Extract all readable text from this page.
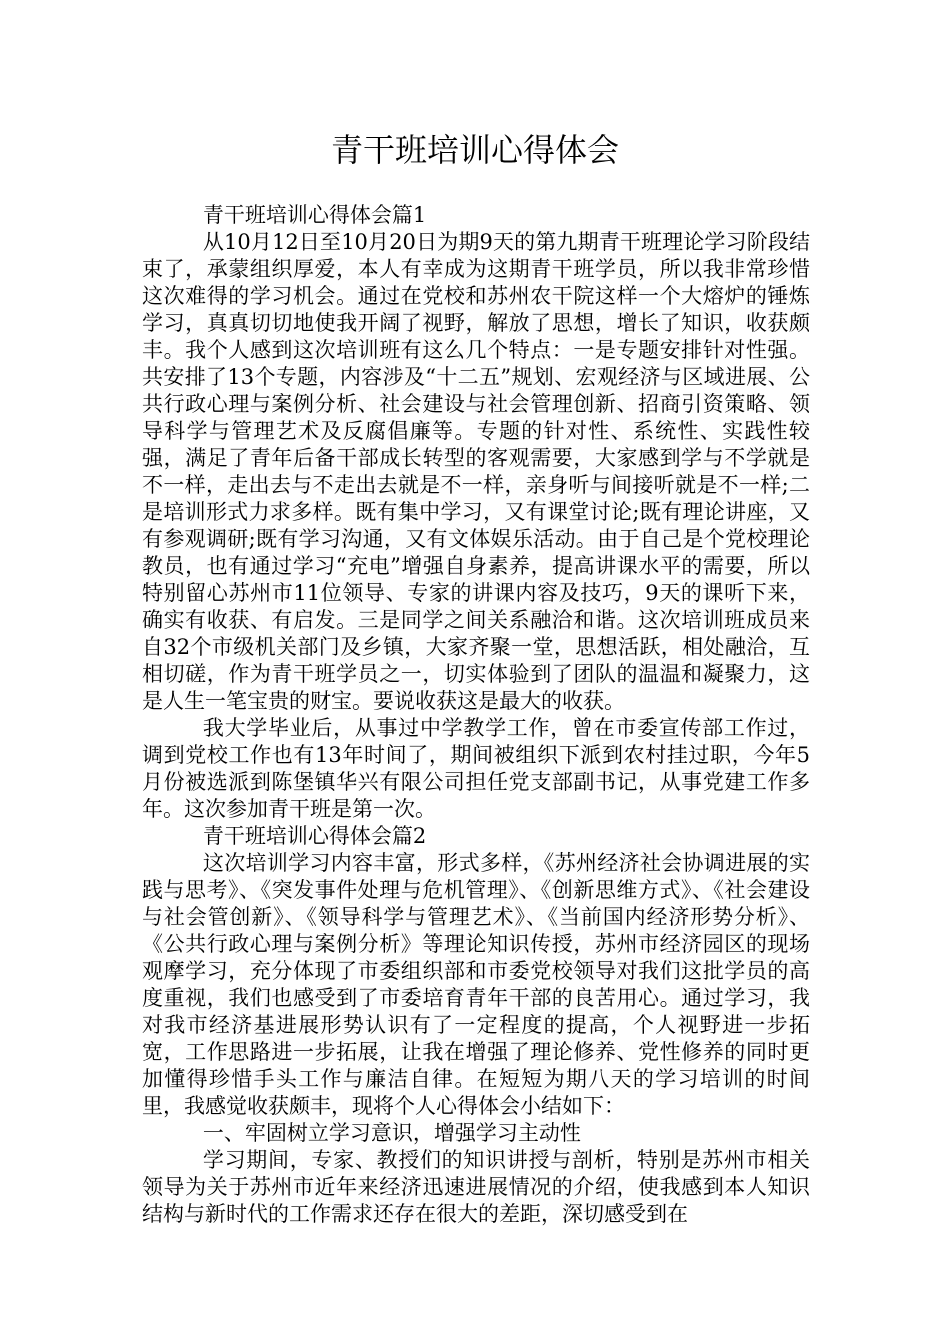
青干班培训心得体会

青干班培训心得体会篇1

从10月12日至10月20日为期9天的第九期青干班理论学习阶段结束了，承蒙组织厚爱，本人有幸成为这期青干班学员，所以我非常珍惜这次难得的学习机会。通过在党校和苏州农干院这样一个大熔炉的锤炼学习，真真切切地使我开阔了视野，解放了思想，增长了知识，收获颇丰。我个人感到这次培训班有这么几个特点：一是专题安排针对性强。共安排了13个专题，内容涉及“十二五”规划、宏观经济与区域进展、公共行政心理与案例分析、社会建设与社会管理创新、招商引资策略、领导科学与管理艺术及反腐倡廉等。专题的针对性、系统性、实践性较强，满足了青年后备干部成长转型的客观需要，大家感到学与不学就是不一样，走出去与不走出去就是不一样，亲身听与间接听就是不一样;二是培训形式力求多样。既有集中学习，又有课堂讨论;既有理论讲座，又有参观调研;既有学习沟通，又有文体娱乐活动。由于自己是个党校理论教员，也有通过学习“充电”增强自身素养，提高讲课水平的需要，所以特别留心苏州市11位领导、专家的讲课内容及技巧，9天的课听下来，确实有收获、有启发。三是同学之间关系融洽和谐。这次培训班成员来自32个市级机关部门及乡镇，大家齐聚一堂，思想活跃，相处融洽，互相切磋，作为青干班学员之一，切实体验到了团队的温温和凝聚力，这是人生一笔宝贵的财宝。要说收获这是最大的收获。

我大学毕业后，从事过中学教学工作，曾在市委宣传部工作过，调到党校工作也有13年时间了，期间被组织下派到农村挂过职，今年5月份被选派到陈堡镇华兴有限公司担任党支部副书记，从事党建工作多年。这次参加青干班是第一次。

青干班培训心得体会篇2

这次培训学习内容丰富，形式多样，《苏州经济社会协调进展的实践与思考》、《突发事件处理与危机管理》、《创新思维方式》、《社会建设与社会管创新》、《领导科学与管理艺术》、《当前国内经济形势分析》、《公共行政心理与案例分析》等理论知识传授，苏州市经济园区的现场观摩学习，充分体现了市委组织部和市委党校领导对我们这批学员的高度重视，我们也感受到了市委培育青年干部的良苦用心。通过学习，我对我市经济基进展形势认识有了一定程度的提高，个人视野进一步拓宽，工作思路进一步拓展，让我在增强了理论修养、党性修养的同时更加懂得珍惜手头工作与廉洁自律。在短短为期八天的学习培训的时间里，我感觉收获颇丰，现将个人心得体会小结如下：

一、牢固树立学习意识，增强学习主动性

学习期间，专家、教授们的知识讲授与剖析，特别是苏州市相关领导为关于苏州市近年来经济迅速进展情况的介绍，使我感到本人知识结构与新时代的工作需求还存在很大的差距，深切感受到在
